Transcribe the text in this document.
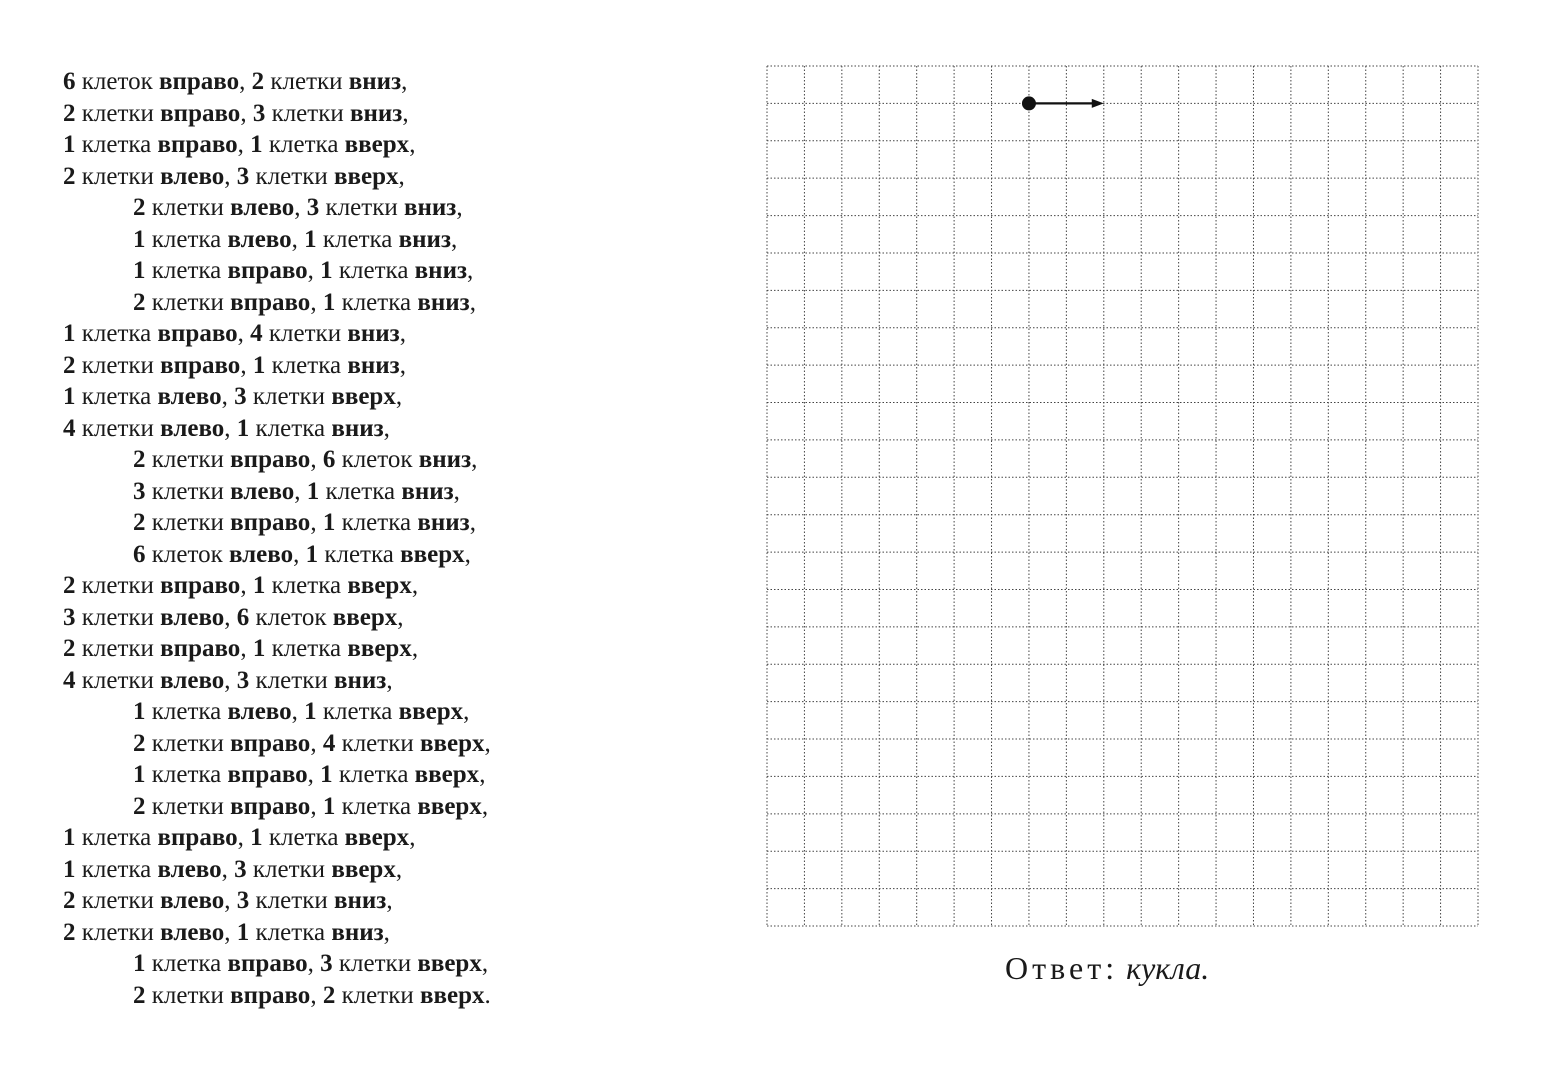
6 клеток вправо, 2 клетки вниз,
2 клетки вправо, 3 клетки вниз,
1 клетка вправо, 1 клетка вверх,
2 клетки влево, 3 клетки вверх,
2 клетки влево, 3 клетки вниз,
1 клетка влево, 1 клетка вниз,
1 клетка вправо, 1 клетка вниз,
2 клетки вправо, 1 клетка вниз,
1 клетка вправо, 4 клетки вниз,
2 клетки вправо, 1 клетка вниз,
1 клетка влево, 3 клетки вверх,
4 клетки влево, 1 клетка вниз,
2 клетки вправо, 6 клеток вниз,
3 клетки влево, 1 клетка вниз,
2 клетки вправо, 1 клетка вниз,
6 клеток влево, 1 клетка вверх,
2 клетки вправо, 1 клетка вверх,
3 клетки влево, 6 клеток вверх,
2 клетки вправо, 1 клетка вверх,
4 клетки влево, 3 клетки вниз,
1 клетка влево, 1 клетка вверх,
2 клетки вправо, 4 клетки вверх,
1 клетка вправо, 1 клетка вверх,
2 клетки вправо, 1 клетка вверх,
1 клетка вправо, 1 клетка вверх,
1 клетка влево, 3 клетки вверх,
2 клетки влево, 3 клетки вниз,
2 клетки влево, 1 клетка вниз,
1 клетка вправо, 3 клетки вверх,
2 клетки вправо, 2 клетки вверх.
Ответ: кукла.
